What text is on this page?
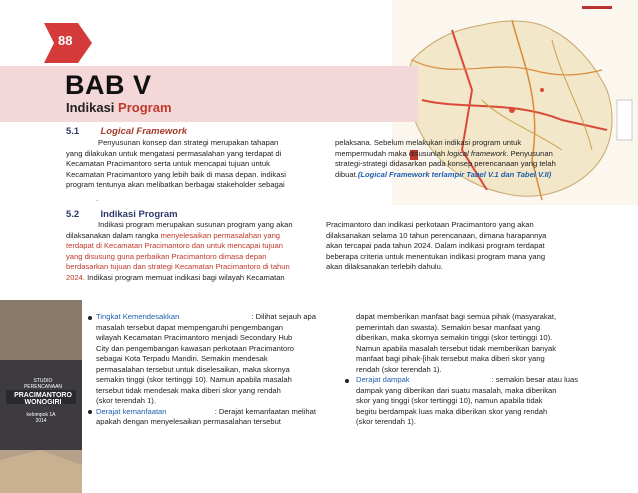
88
BAB V
Indikasi Program
5.1 Logical Framework
Penyusunan konsep dan strategi merupakan tahapan
yang dilakukan untuk mengatasi permasalahan yang terdapat di
Kecamatan Pracimantoro serta untuk mencapai tujuan untuk
Kecamatan Pracimantoro yang lebih baik di masa depan. indikasi
program tentunya akan melibatkan berbagai stakeholder sebagai
pelaksana. Sebelum melakukan indikasi program untuk
mempermudah maka disusunlah logical framework. Penyusunan
strategi-strategi didasarkan pada konsep perencanaan yang telah
dibuat.(Logical Framework terlampir Tabel V.1 dan Tabel V.II)
.
5.2 Indikasi Program
Indikasi program merupakan susunan program yang akan
dilaksanakan dalam rangka menyelesaikan permasalahan yang
terdapat di Kecamatan Pracimantoro dan untuk mencapai tujuan
yang disusung guna perbaikan Pracimantoro dimasa depan
berdasarkan tujuan dan strategi Kecamatan Pracimantoro di tahun
2024. Indikasi program memuat indikasi bagi wilayah Kecamatan
Pracimantoro dan indikasi perkotaan Pracimantoro yang akan
dilaksanakan selama 10 tahun perencanaan, dimana harapannya
akan tercapai pada tahun 2024. Dalam indikasi program terdapat
beberapa criteria untuk menentukan indikasi program mana yang
akan dilaksanakan terlebih dahulu.
STUDIO
PERENCANAAN
PRACIMANTORO
WONOGIRI
kelompok 1A
2014
Tingkat Kemendesakkan	: Dilihat sejauh apa
masalah tersebut dapat mempengaruhi pengembangan
wilayah Kecamatan Pracimantoro menjadi Secondary Hub
City dan pengembangan kawasan perkotaan Pracimantoro
sebagai Kota Terpadu Mandiri. Semakin mendesak
permasalahan tersebut untuk diselesaikan, maka skornya
semakin tinggi (skor tertinggi 10). Namun apabila masalah
tersebut tidak mendesak maka diberi skor yang rendah
(skor terendah 1).
Derajat kemanfaatan	: Derajat kemanfaatan melihat
apakah dengan menyelesaikan permasalahan tersebut
dapat memberikan manfaat bagi semua pihak (masyarakat,
pemerintah dan swasta). Semakin besar manfaat yang
diberikan, maka skornya semakin tinggi (skor tertinggi 10).
Namun apabila masalah tersebut tidak memberikan banyak
manfaat bagi pihak-[ihak tersebut maka diberi skor yang
rendah (skor terendah 1).
Derajat dampak	: semakin besar atau luas
dampak yang diberikan dari suatu masalah, maka diberikan
skor yang tinggi (skor tertinggi 10), namun apabila tidak
begitu berdampak luas maka diberikan skor yang rendah
(skor terendah 1).
